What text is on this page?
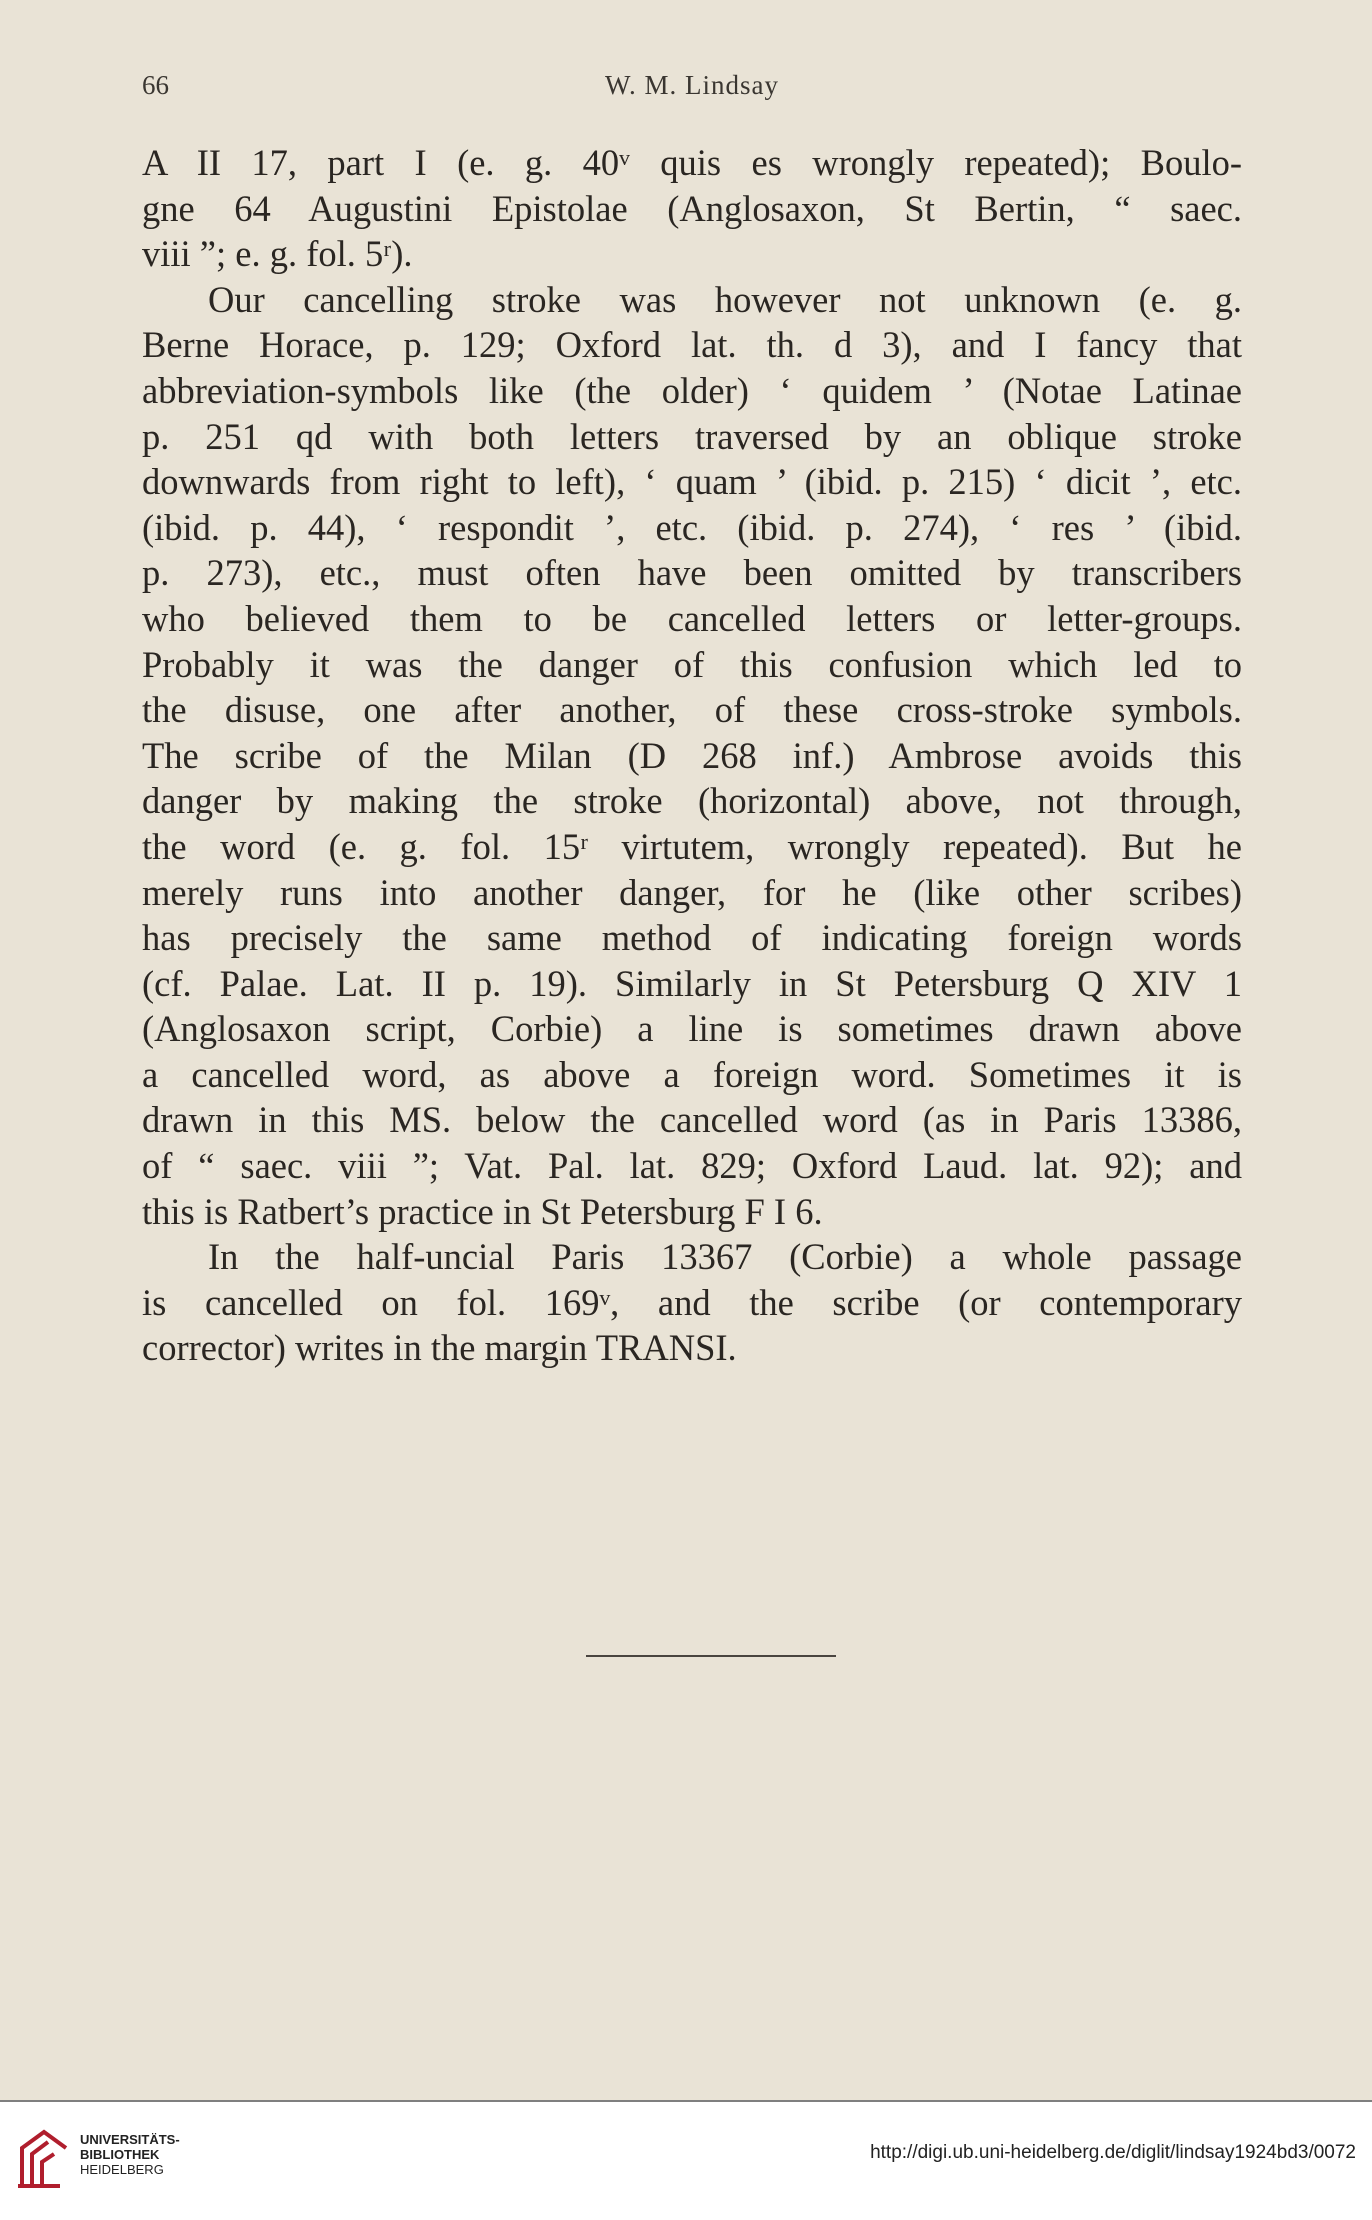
66	W. M. Lindsay
A II 17, part I (e. g. 40ᵛ quis es wrongly repeated); Boulo-
gne 64 Augustini Epistolae (Anglosaxon, St Bertin, “ saec.
viii ”; e. g. fol. 5ʳ).
Our cancelling stroke was however not unknown (e. g.
Berne Horace, p. 129; Oxford lat. th. d 3), and I fancy that
abbreviation-symbols like (the older) ‘ quidem ’ (Notae Latinae
p. 251 qd with both letters traversed by an oblique stroke
downwards from right to left), ‘ quam ’ (ibid. p. 215) ‘ dicit ’, etc.
(ibid. p. 44), ‘ respondit ’, etc. (ibid. p. 274), ‘ res ’ (ibid.
p. 273), etc., must often have been omitted by transcribers
who believed them to be cancelled letters or letter-groups.
Probably it was the danger of this confusion which led to
the disuse, one after another, of these cross-stroke symbols.
The scribe of the Milan (D 268 inf.) Ambrose avoids this
danger by making the stroke (horizontal) above, not through,
the word (e. g. fol. 15ʳ virtutem, wrongly repeated). But he
merely runs into another danger, for he (like other scribes)
has precisely the same method of indicating foreign words
(cf. Palae. Lat. II p. 19). Similarly in St Petersburg Q XIV 1
(Anglosaxon script, Corbie) a line is sometimes drawn above
a cancelled word, as above a foreign word. Sometimes it is
drawn in this MS. below the cancelled word (as in Paris 13386,
of “ saec. viii ”; Vat. Pal. lat. 829; Oxford Laud. lat. 92); and
this is Ratbert’s practice in St Petersburg F I 6.
In the half-uncial Paris 13367 (Corbie) a whole passage
is cancelled on fol. 169ᵛ, and the scribe (or contemporary
corrector) writes in the margin TRANSI.
UNIVERSITÄTS-
BIBLIOTHEK
HEIDELBERG
http://digi.ub.uni-heidelberg.de/diglit/lindsay1924bd3/0072
